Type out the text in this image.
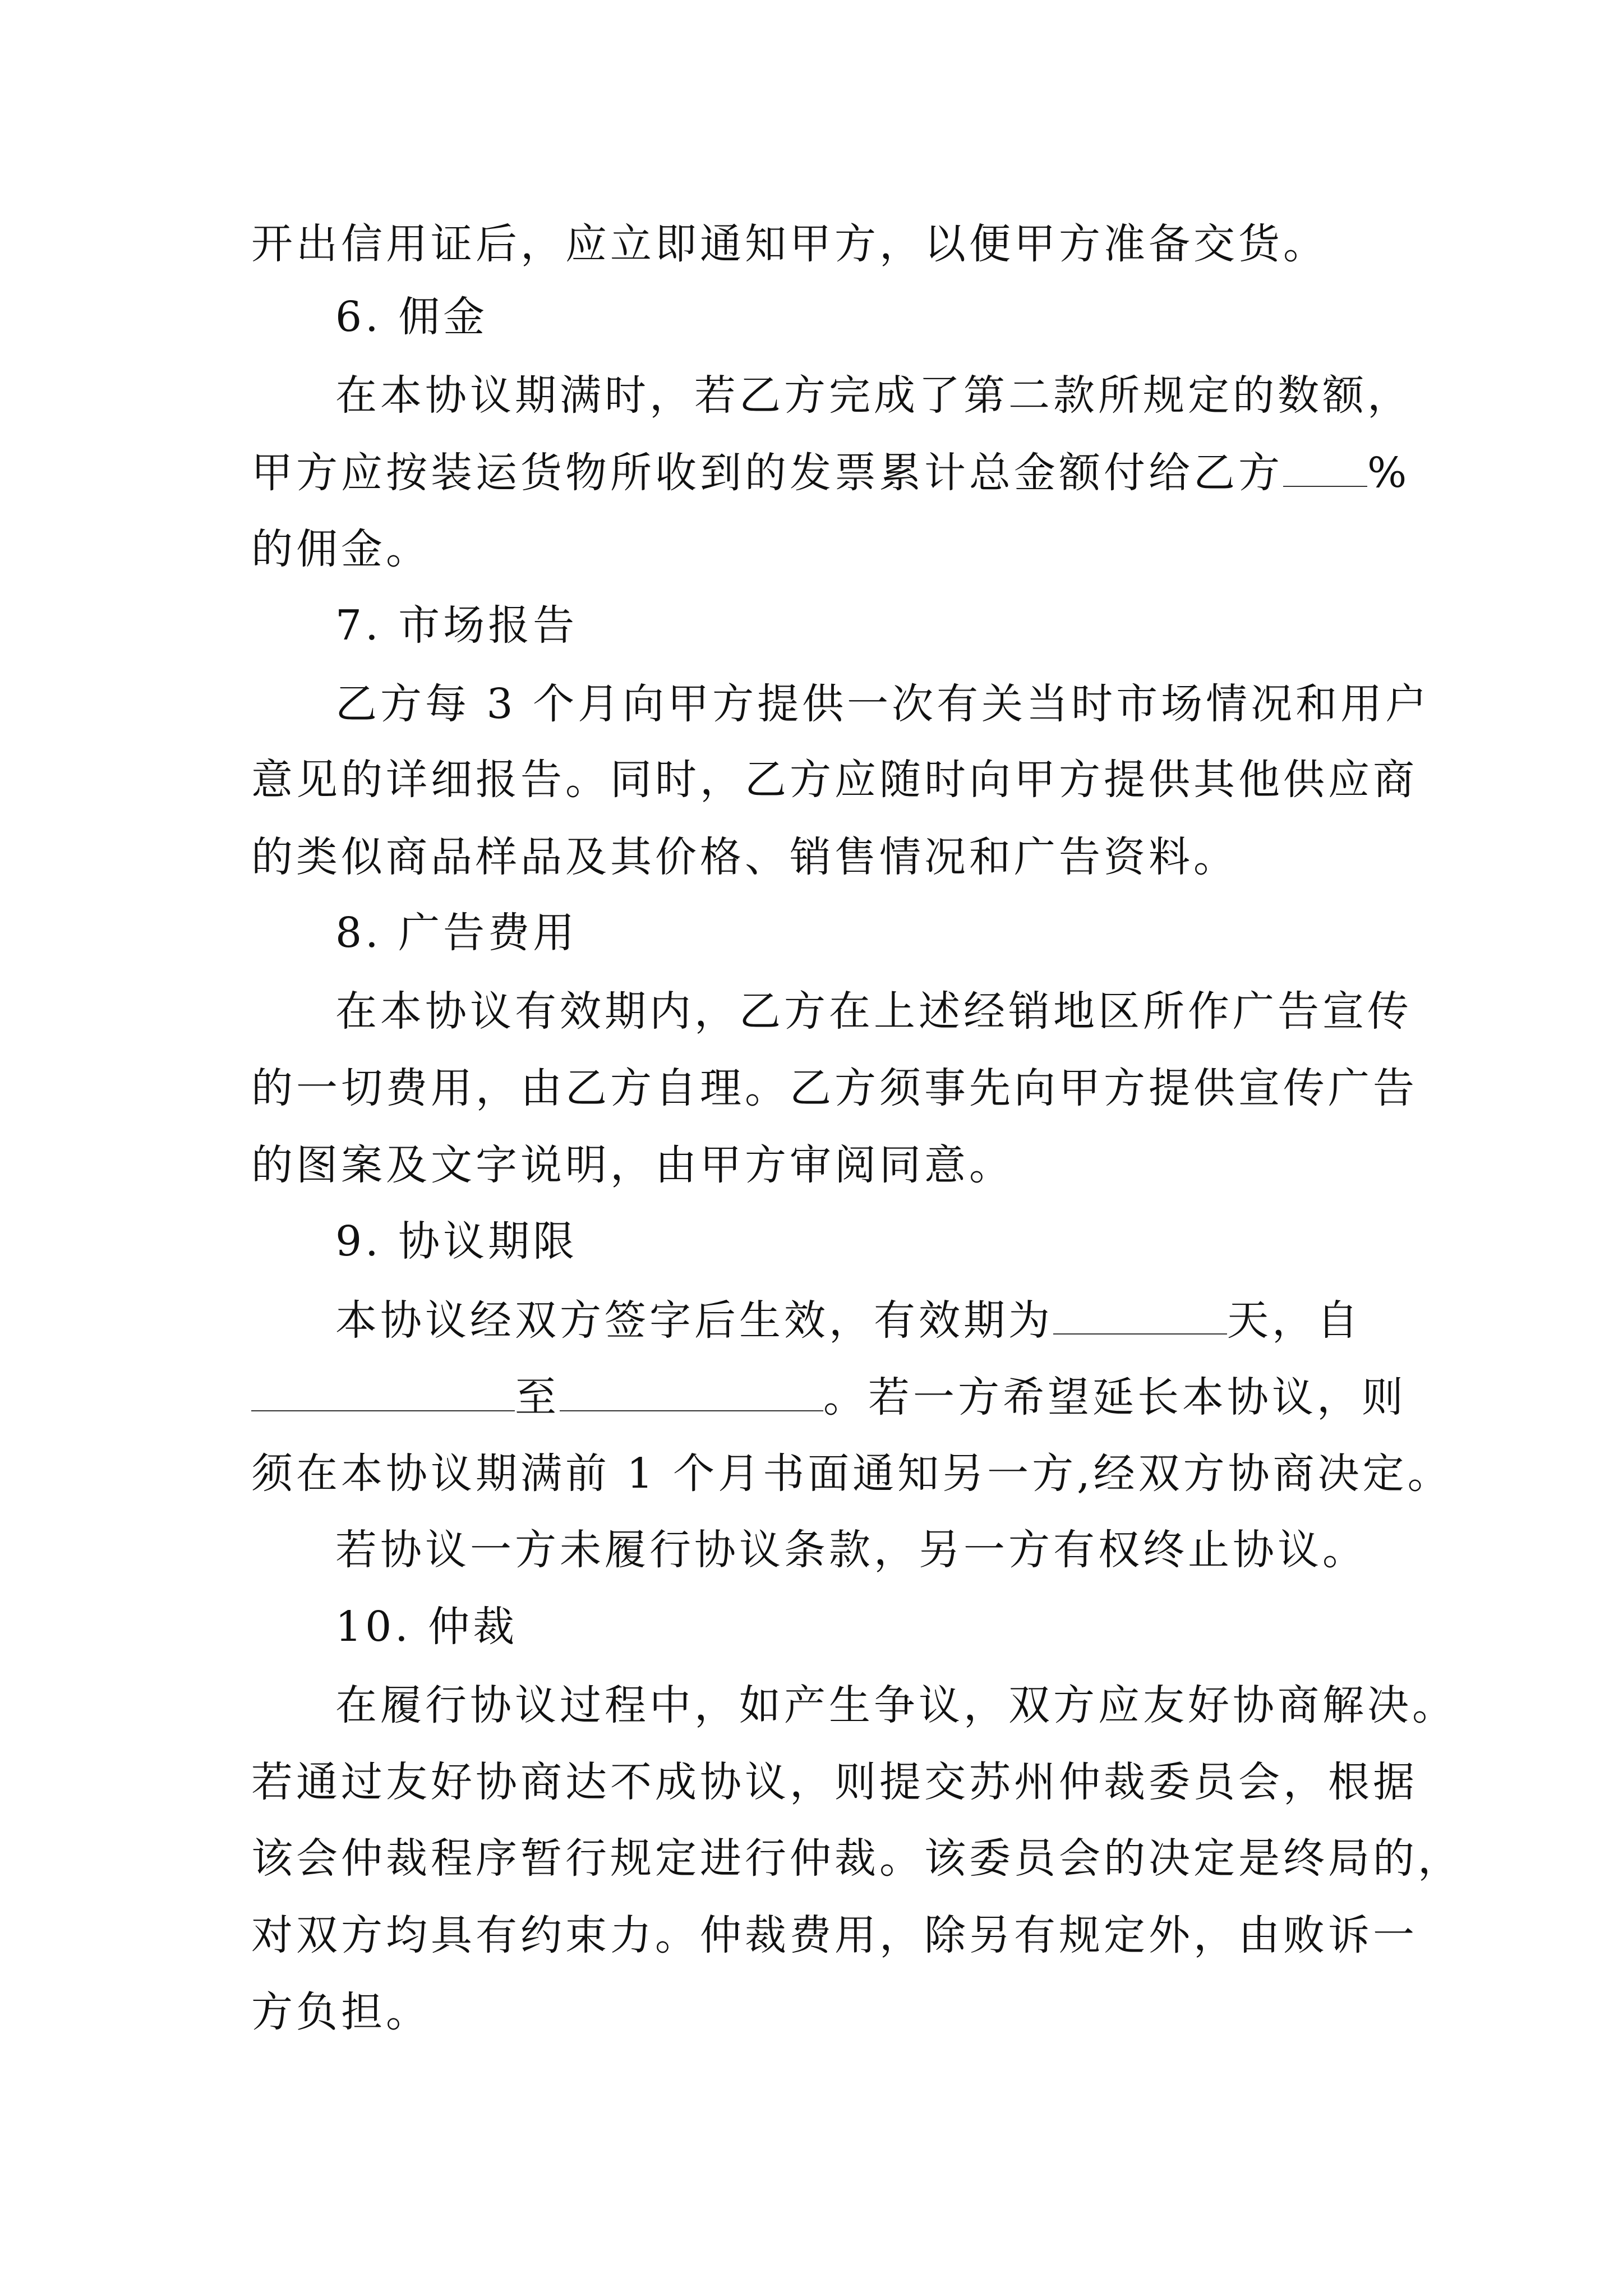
开出信用证后，应立即通知甲方，以便甲方准备交货。
6. 佣金
在本协议期满时，若乙方完成了第二款所规定的数额，
甲方应按装运货物所收到的发票累计总金额付给乙方 %
的佣金。
7. 市场报告
乙方每 3 个月向甲方提供一次有关当时市场情况和用户
意见的详细报告。同时，乙方应随时向甲方提供其他供应商
的类似商品样品及其价格、销售情况和广告资料。
8. 广告费用
在本协议有效期内，乙方在上述经销地区所作广告宣传
的一切费用，由乙方自理。乙方须事先向甲方提供宣传广告
的图案及文字说明，由甲方审阅同意。
9. 协议期限
本协议经双方签字后生效，有效期为	天，自
至	。若一方希望延长本协议，则
须在本协议期满前 1 个月书面通知另一方,经双方协商决定。
若协议一方未履行协议条款，另一方有权终止协议。
10. 仲裁
在履行协议过程中，如产生争议，双方应友好协商解决。
若通过友好协商达不成协议，则提交苏州仲裁委员会，根据
该会仲裁程序暂行规定进行仲裁。该委员会的决定是终局的，
对双方均具有约束力。仲裁费用，除另有规定外，由败诉一
方负担。
